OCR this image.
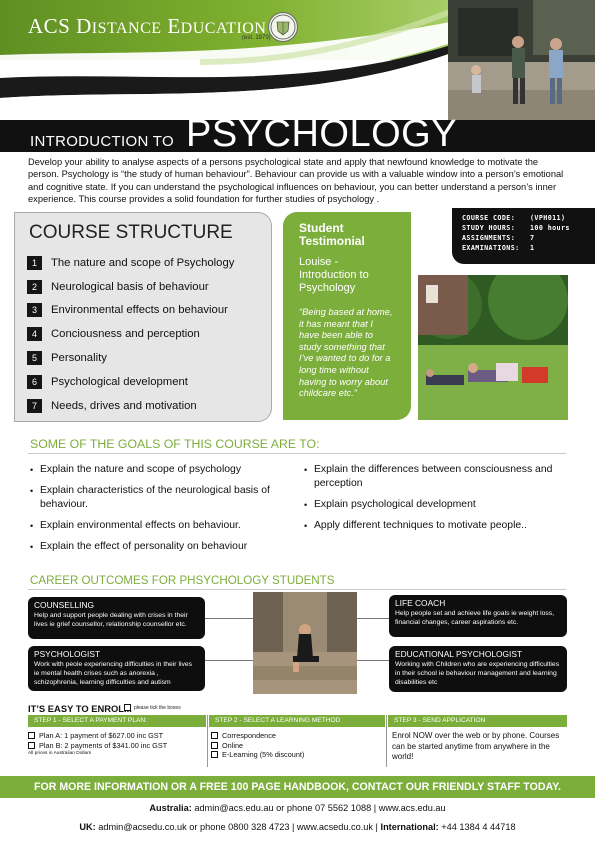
ACS DISTANCE EDUCATION
(est. 1979)
INTRODUCTION TO PSYCHOLOGY

Develop your ability to analyse aspects of a persons psychological state and apply that newfound knowledge to motivate the person. Psychology is “the study of human behaviour”. Behaviour can provide us with a valuable window into a person’s emotional and cognitive state. If you can understand the psychological influences on behaviour, you can better understand a person’s inner experience. This course provides a solid foundation for further studies of psychology .

COURSE STRUCTURE
1	The nature and scope of Psychology
2	Neurological basis of behaviour
3	Environmental effects on behaviour
4	Conciousness and perception
5	Personality
6	Psychological development
7	Needs, drives and motivation
Student
Testimonial
Louise -
Introduction to
Psychology
“Being based at home, it has meant that I have been able to study something that I’ve wanted to do for a long time without having to worry about childcare etc.”
COURSE CODE:	(VPH011)
STUDY HOURS:	100 hours
ASSIGNMENTS:	7
EXAMINATIONS:	1
SOME OF THE GOALS OF THIS COURSE ARE TO:
• Explain the nature and scope of psychology
• Explain characteristics of the neurological basis of behaviour.
• Explain environmental effects on behaviour.
• Explain the effect of personality on behaviour
• Explain the differences between consciousness and perception
• Explain psychological development
• Apply different techniques to motivate people..
CAREER OUTCOMES FOR PHSYCHOLOGY STUDENTS
COUNSELLING
Help and support people dealing with crises in their lives ie grief counsellor, relationship counsellor etc.
PSYCHOLOGIST
Work with peole experiencing difficulties in their lives ie mental health crises such as anorexia , schizophrenia, learning difficulties and autism
LIFE COACH
Help people set and achieve life goals ie weight loss, financial changes, career aspirations etc.
EDUCATIONAL PSYCHOLOGIST
Working with Children who are experiencing difficulties in their school ie behaviour management and learning disabilities etc
IT’S EASY TO ENROL... please tick the boxes
STEP 1 - SELECT A PAYMENT PLAN:	STEP 2 - SELECT A LEARNING METHOD	STEP 3 - SEND APPLICATION
Plan A: 1 payment of $627.00 inc GST
Plan B: 2 payments of $341.00 inc GST
All prices in Australian Dollars
Correspondence
Online
E-Learning (5% discount)
Enrol NOW over the web or by phone. Courses can be started anytime from anywhere in the world!
FOR MORE INFORMATION OR A FREE 100 PAGE HANDBOOK, CONTACT OUR FRIENDLY STAFF TODAY.
Australia: admin@acs.edu.au or phone 07 5562 1088 | www.acs.edu.au
UK: admin@acsedu.co.uk or phone 0800 328 4723 | www.acsedu.co.uk | International: +44 1384 4 44718
